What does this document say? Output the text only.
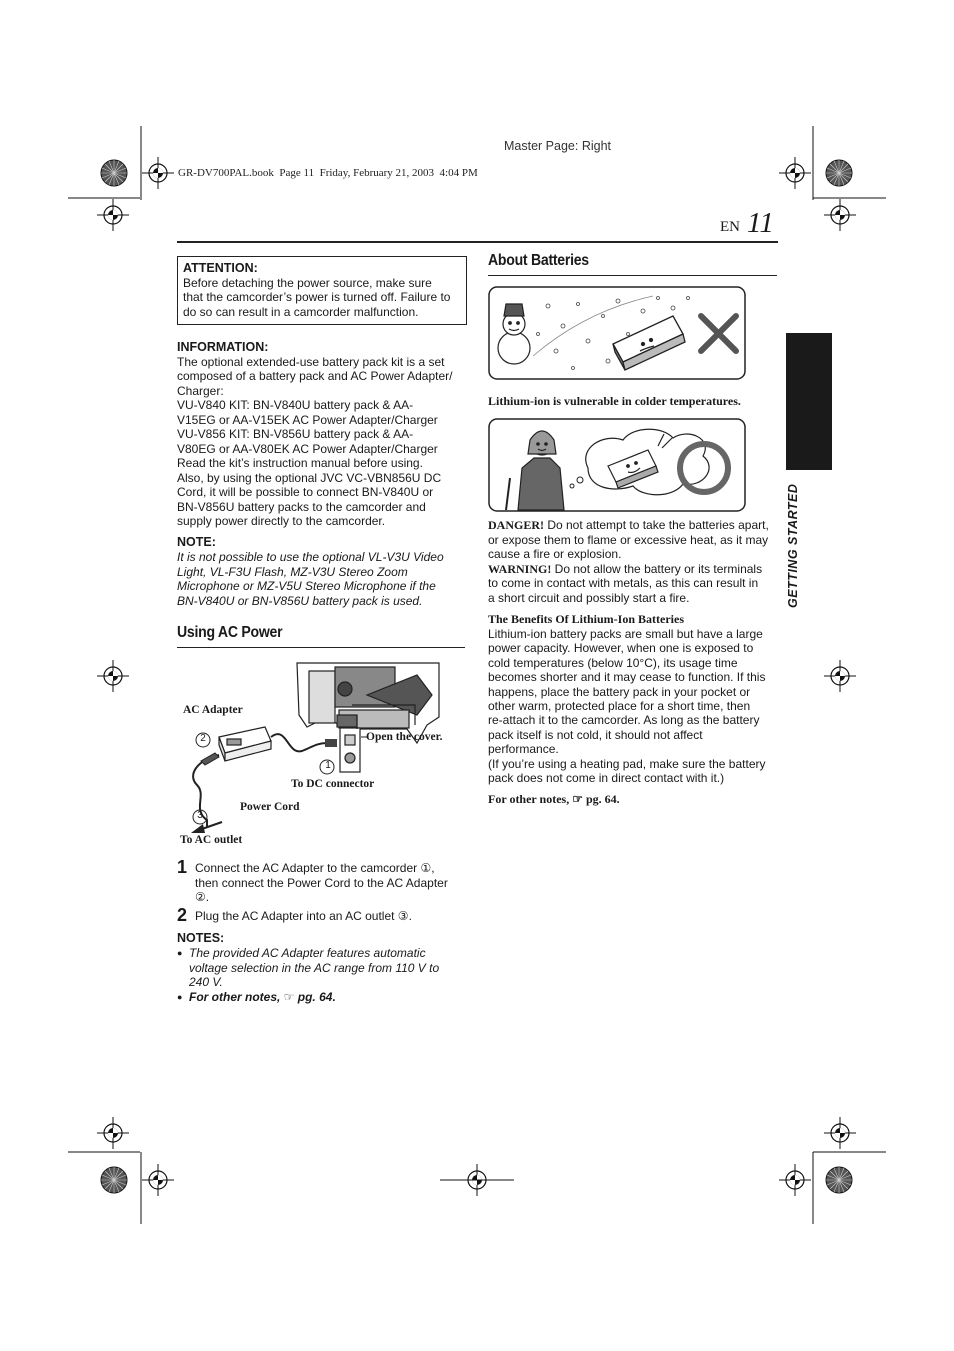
Master Page: Right
GR-DV700PAL.book  Page 11  Friday, February 21, 2003  4:04 PM
EN 11
GETTING STARTED
ATTENTION:
Before detaching the power source, make sure
that the camcorder’s power is turned off. Failure to
do so can result in a camcorder malfunction.
INFORMATION:
The optional extended-use battery pack kit is a set
composed of a battery pack and AC Power Adapter/
Charger:
VU-V840 KIT: BN-V840U battery pack & AA-
V15EG or AA-V15EK AC Power Adapter/Charger
VU-V856 KIT: BN-V856U battery pack & AA-
V80EG or AA-V80EK AC Power Adapter/Charger
Read the kit’s instruction manual before using.
Also, by using the optional JVC VC-VBN856U DC
Cord, it will be possible to connect BN-V840U or
BN-V856U battery packs to the camcorder and
supply power directly to the camcorder.
NOTE:
It is not possible to use the optional VL-V3U Video
Light, VL-F3U Flash, MZ-V3U Stereo Zoom
Microphone or MZ-V5U Stereo Microphone if the
BN-V840U or BN-V856U battery pack is used.
Using AC Power
AC Adapter
Open the cover.
To DC connector
Power Cord
To AC outlet
1
2
3
1 Connect the AC Adapter to the camcorder ①,
then connect the Power Cord to the AC Adapter
②.
2 Plug the AC Adapter into an AC outlet ③.
NOTES:
● The provided AC Adapter features automatic
voltage selection in the AC range from 110 V to
240 V.
● For other notes, ☞ pg. 64.
About Batteries
Lithium-ion is vulnerable in colder temperatures.
DANGER! Do not attempt to take the batteries apart,
or expose them to flame or excessive heat, as it may
cause a fire or explosion.
WARNING! Do not allow the battery or its terminals
to come in contact with metals, as this can result in
a short circuit and possibly start a fire.
The Benefits Of Lithium-Ion Batteries
Lithium-ion battery packs are small but have a large
power capacity. However, when one is exposed to
cold temperatures (below 10°C), its usage time
becomes shorter and it may cease to function. If this
happens, place the battery pack in your pocket or
other warm, protected place for a short time, then
re-attach it to the camcorder. As long as the battery
pack itself is not cold, it should not affect
performance.
(If you’re using a heating pad, make sure the battery
pack does not come in direct contact with it.)
For other notes, ☞ pg. 64.
